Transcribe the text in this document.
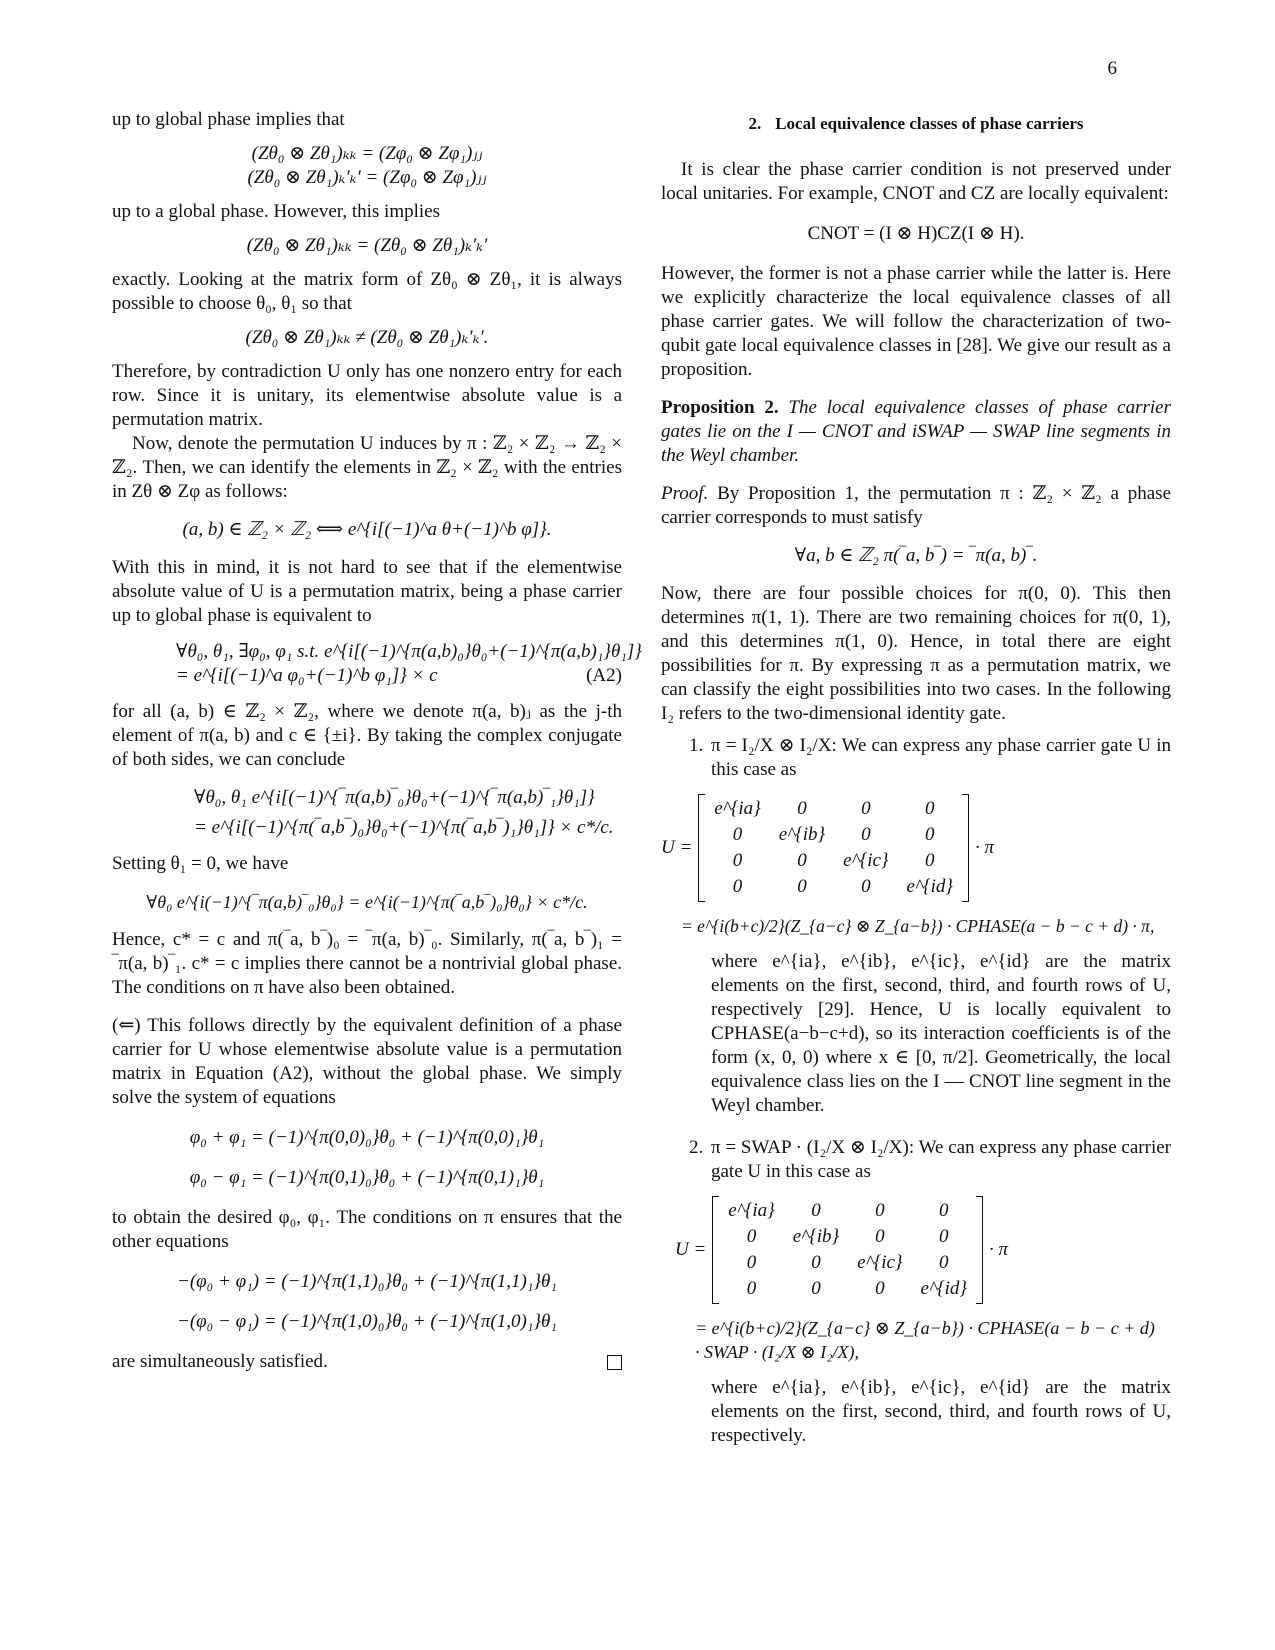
6

up to global phase implies that

(Zθ₀ ⊗ Zθ₁)ₖₖ = (Zφ₀ ⊗ Zφ₁)ⱼⱼ
(Zθ₀ ⊗ Zθ₁)ₖ′ₖ′ = (Zφ₀ ⊗ Zφ₁)ⱼⱼ

up to a global phase. However, this implies

(Zθ₀ ⊗ Zθ₁)ₖₖ = (Zθ₀ ⊗ Zθ₁)ₖ′ₖ′

exactly. Looking at the matrix form of Zθ₀ ⊗ Zθ₁, it is always possible to choose θ₀, θ₁ so that

(Zθ₀ ⊗ Zθ₁)ₖₖ ≠ (Zθ₀ ⊗ Zθ₁)ₖ′ₖ′.

Therefore, by contradiction U only has one nonzero entry for each row. Since it is unitary, its elementwise absolute value is a permutation matrix.

Now, denote the permutation U induces by π : ℤ₂ × ℤ₂ → ℤ₂ × ℤ₂. Then, we can identify the elements in ℤ₂ × ℤ₂ with the entries in Zθ ⊗ Zφ as follows:

(a, b) ∈ ℤ₂ × ℤ₂ ⟺ e^{i[(−1)^a θ+(−1)^b φ]}.

With this in mind, it is not hard to see that if the elementwise absolute value of U is a permutation matrix, being a phase carrier up to global phase is equivalent to

∀θ₀, θ₁, ∃φ₀, φ₁ s.t. e^{i[(−1)^{π(a,b)₀}θ₀+(−1)^{π(a,b)₁}θ₁]}
= e^{i[(−1)^a φ₀+(−1)^b φ₁]} × c	(A2)

for all (a, b) ∈ ℤ₂ × ℤ₂, where we denote π(a, b)ⱼ as the j-th element of π(a, b) and c ∈ {±i}. By taking the complex conjugate of both sides, we can conclude

∀θ₀, θ₁ e^{i[(−1)^{‾π(a,b)‾₀}θ₀+(−1)^{‾π(a,b)‾₁}θ₁]}
= e^{i[(−1)^{π(‾a,b‾)₀}θ₀+(−1)^{π(‾a,b‾)₁}θ₁]} × c*/c.

Setting θ₁ = 0, we have

∀θ₀ e^{i(−1)^{‾π(a,b)‾₀}θ₀} = e^{i(−1)^{π(‾a,b‾)₀}θ₀} × c*/c.

Hence, c* = c and π(‾a, b‾)₀ = ‾π(a, b)‾₀. Similarly, π(‾a, b‾)₁ = ‾π(a, b)‾₁. c* = c implies there cannot be a nontrivial global phase. The conditions on π have also been obtained.

(⇐) This follows directly by the equivalent definition of a phase carrier for U whose elementwise absolute value is a permutation matrix in Equation (A2), without the global phase. We simply solve the system of equations

φ₀ + φ₁ = (−1)^{π(0,0)₀}θ₀ + (−1)^{π(0,0)₁}θ₁
φ₀ − φ₁ = (−1)^{π(0,1)₀}θ₀ + (−1)^{π(0,1)₁}θ₁

to obtain the desired φ₀, φ₁. The conditions on π ensures that the other equations

−(φ₀ + φ₁) = (−1)^{π(1,1)₀}θ₀ + (−1)^{π(1,1)₁}θ₁
−(φ₀ − φ₁) = (−1)^{π(1,0)₀}θ₀ + (−1)^{π(1,0)₁}θ₁

are simultaneously satisfied.

2. Local equivalence classes of phase carriers

It is clear the phase carrier condition is not preserved under local unitaries. For example, CNOT and CZ are locally equivalent:

CNOT = (I ⊗ H)CZ(I ⊗ H).

However, the former is not a phase carrier while the latter is. Here we explicitly characterize the local equivalence classes of all phase carrier gates. We will follow the characterization of two-qubit gate local equivalence classes in [28]. We give our result as a proposition.

Proposition 2. The local equivalence classes of phase carrier gates lie on the I — CNOT and iSWAP — SWAP line segments in the Weyl chamber.

Proof. By Proposition 1, the permutation π : ℤ₂ × ℤ₂ a phase carrier corresponds to must satisfy

∀a, b ∈ ℤ₂ π(‾a, b‾) = ‾π(a, b)‾.

Now, there are four possible choices for π(0, 0). This then determines π(1, 1). There are two remaining choices for π(0, 1), and this determines π(1, 0). Hence, in total there are eight possibilities for π. By expressing π as a permutation matrix, we can classify the eight possibilities into two cases. In the following I₂ refers to the two-dimensional identity gate.

1. π = I₂/X ⊗ I₂/X: We can express any phase carrier gate U in this case as

U =
e^{ia}	0	0	0
0	e^{ib}	0	0
0	0	e^{ic}	0
0	0	0	e^{id}
· π
= e^{i(b+c)/2}(Z_{a−c} ⊗ Z_{a−b}) · CPHASE(a − b − c + d) · π,

where e^{ia}, e^{ib}, e^{ic}, e^{id} are the matrix elements on the first, second, third, and fourth rows of U, respectively [29]. Hence, U is locally equivalent to CPHASE(a−b−c+d), so its interaction coefficients is of the form (x, 0, 0) where x ∈ [0, π/2]. Geometrically, the local equivalence class lies on the I — CNOT line segment in the Weyl chamber.

2. π = SWAP · (I₂/X ⊗ I₂/X): We can express any phase carrier gate U in this case as

U =
e^{ia}	0	0	0
0	e^{ib}	0	0
0	0	e^{ic}	0
0	0	0	e^{id}
· π
= e^{i(b+c)/2}(Z_{a−c} ⊗ Z_{a−b}) · CPHASE(a − b − c + d)
· SWAP · (I₂/X ⊗ I₂/X),

where e^{ia}, e^{ib}, e^{ic}, e^{id} are the matrix elements on the first, second, third, and fourth rows of U, respectively.
